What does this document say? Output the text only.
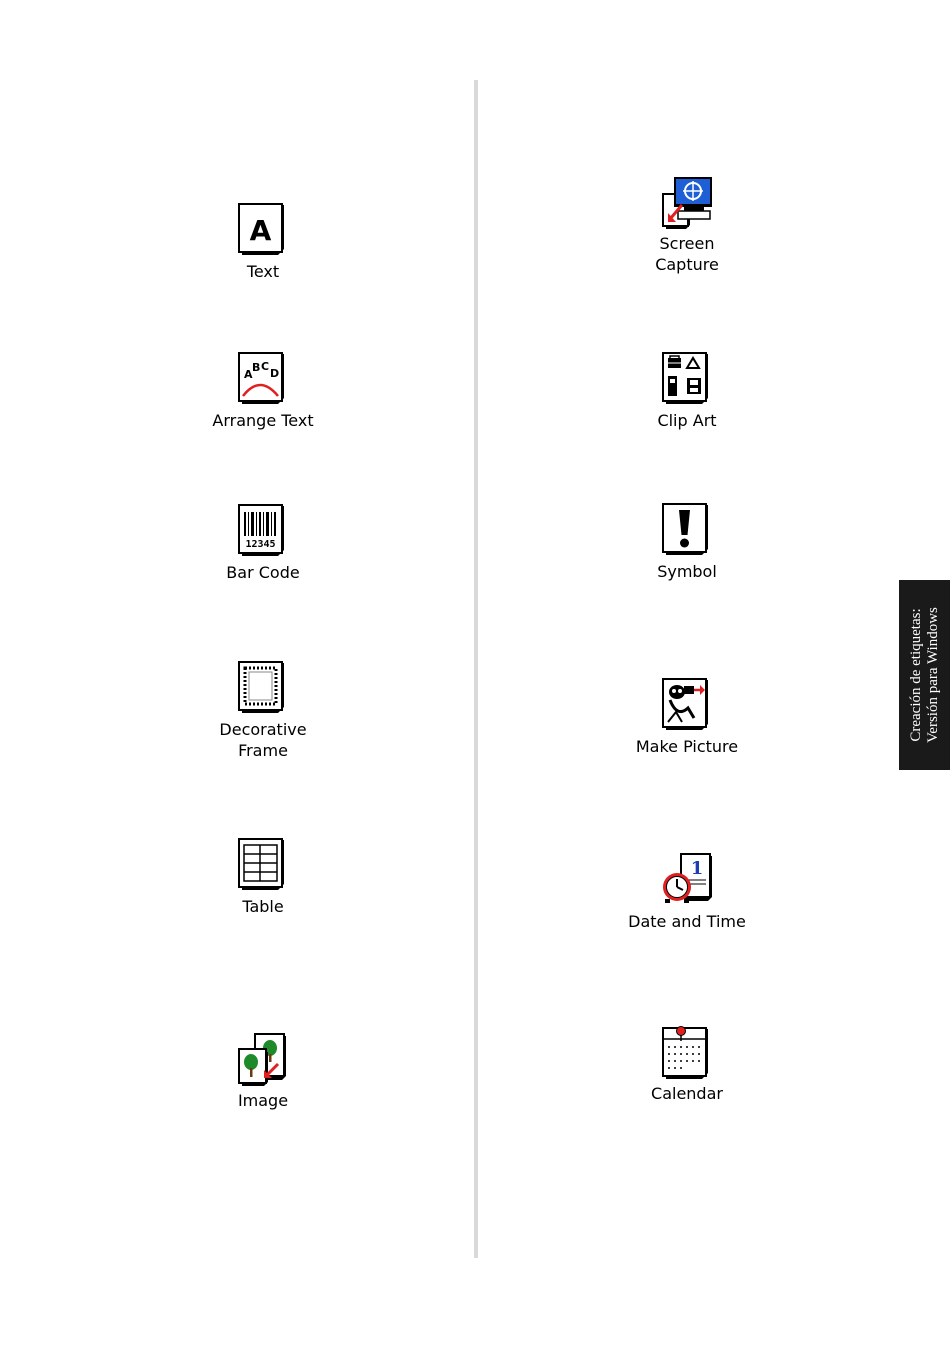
A
Text
A
B C
D
Arrange Text
12345
Bar Code
Decorative
Frame
Table
Image
Screen
Capture
Clip Art
Symbol
Make Picture
1
Date and Time
Calendar
Creación de etiquetas: Versión para Windows
